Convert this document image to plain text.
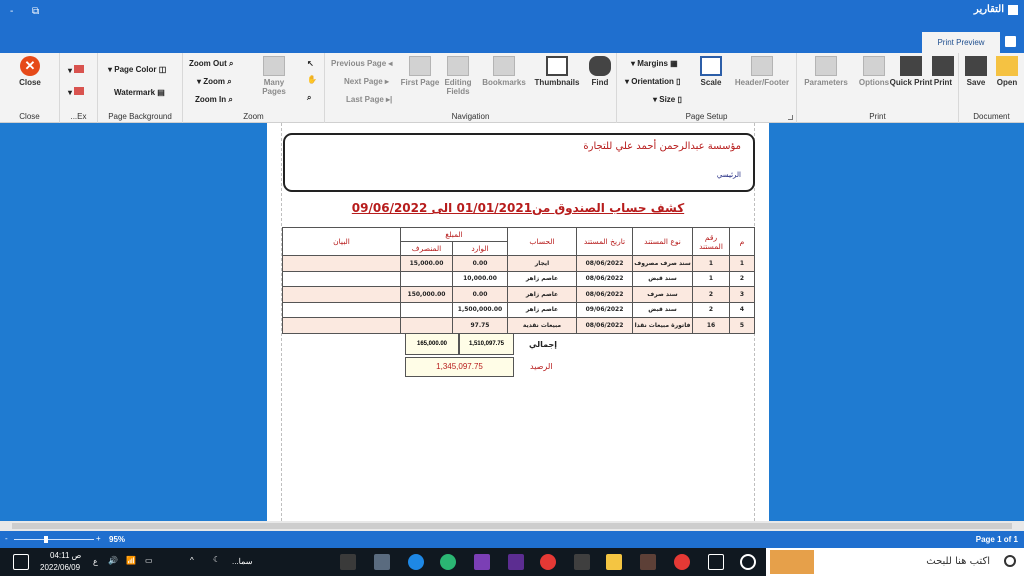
- ⧉	التقارير
Print Preview
✕
Close
Close
▾
▾
...Ex
▾ Page Color ◫
Watermark ▤
Page Background
Zoom Out ⌕
▾ Zoom ⌕
Zoom In ⌕
Many Pages
↖
✋
⌕
Zoom
Previous Page ◂
Next Page ▸
Last Page ▸|
First Page Editing Fields
Bookmarks	Thumbnails	Find
Navigation
▾ Margins ▦
▾ Orientation ▯
▾ Size ▯
Scale	Header/Footer
Page Setup
Parameters	Options Quick Print Print
Print
Save	Open
Document
مؤسسة عبدالرحمن أحمد علي للتجارة
الرئيسي
كشف حساب الصندوق من01/01/2021 الى 09/06/2022
م	رقم المستند	نوع المستند	تاريخ المستند	الحساب	المبلغ		البيان
					الوارد	المنصرف	
1	1	سند صرف مصروف	08/06/2022	ايجار	0.00	15,000.00	
2	1	سند قبض	08/06/2022	عاصم زاهر	10,000.00		
3	2	سند صرف	08/06/2022	عاصم زاهر	0.00	150,000.00	
4	2	سند قبض	09/06/2022	عاصم زاهر	1,500,000.00		
5	16	فاتورة مبيعات نقدا	08/06/2022	مبيعات نقدية	97.75		
إجمالي
1,510,097.75
165,000.00
الرصيد
1,345,097.75
-	+ 95%	Page 1 of 1
04:11 ص
2022/06/09
ع 🔊 📶 ▭	^ ☾ سما...	اكتب هنا للبحث
